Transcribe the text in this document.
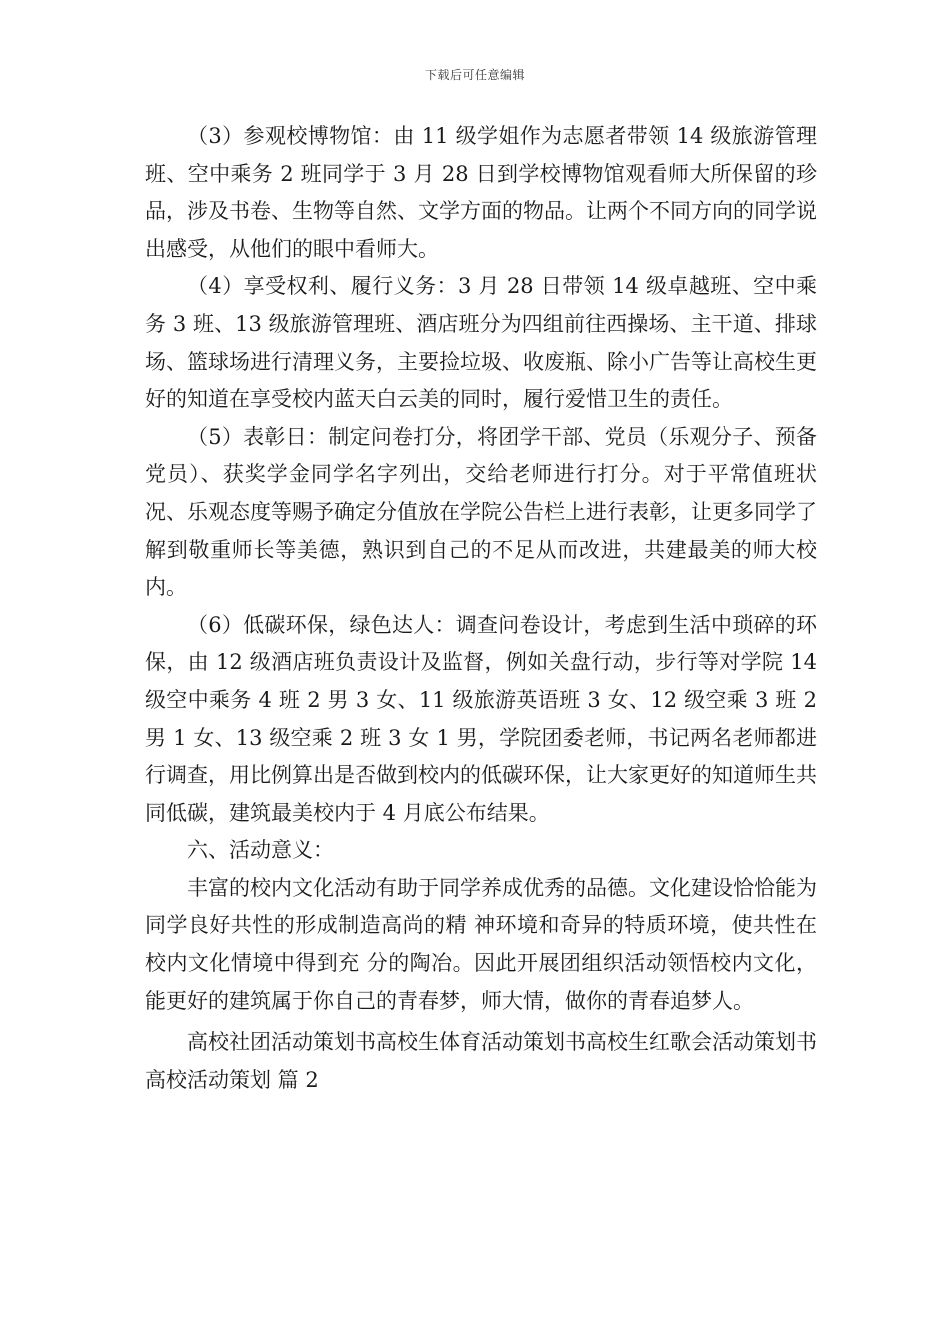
下载后可任意编辑

（3）参观校博物馆：由 11 级学姐作为志愿者带领 14 级旅游管理班、空中乘务 2 班同学于 3 月 28 日到学校博物馆观看师大所保留的珍品，涉及书卷、生物等自然、文学方面的物品。让两个不同方向的同学说出感受，从他们的眼中看师大。

（4）享受权利、履行义务：3 月 28 日带领 14 级卓越班、空中乘务 3 班、13 级旅游管理班、酒店班分为四组前往西操场、主干道、排球场、篮球场进行清理义务，主要捡垃圾、收废瓶、除小广告等让高校生更好的知道在享受校内蓝天白云美的同时，履行爱惜卫生的责任。

（5）表彰日：制定问卷打分，将团学干部、党员（乐观分子、预备党员）、获奖学金同学名字列出，交给老师进行打分。对于平常值班状况、乐观态度等赐予确定分值放在学院公告栏上进行表彰，让更多同学了解到敬重师长等美德，熟识到自己的不足从而改进，共建最美的师大校内。

（6）低碳环保，绿色达人：调查问卷设计，考虑到生活中琐碎的环保，由 12 级酒店班负责设计及监督，例如关盘行动，步行等对学院 14 级空中乘务 4 班 2 男 3 女、11 级旅游英语班 3 女、12 级空乘 3 班 2 男 1 女、13 级空乘 2 班 3 女 1 男，学院团委老师，书记两名老师都进行调查，用比例算出是否做到校内的低碳环保，让大家更好的知道师生共同低碳，建筑最美校内于 4 月底公布结果。

六、活动意义：

丰富的校内文化活动有助于同学养成优秀的品德。文化建设恰恰能为同学良好共性的形成制造高尚的精 神环境和奇异的特质环境，使共性在校内文化情境中得到充 分的陶冶。因此开展团组织活动领悟校内文化，能更好的建筑属于你自己的青春梦，师大情，做你的青春追梦人。

高校社团活动策划书高校生体育活动策划书高校生红歌会活动策划书

高校活动策划 篇 2
